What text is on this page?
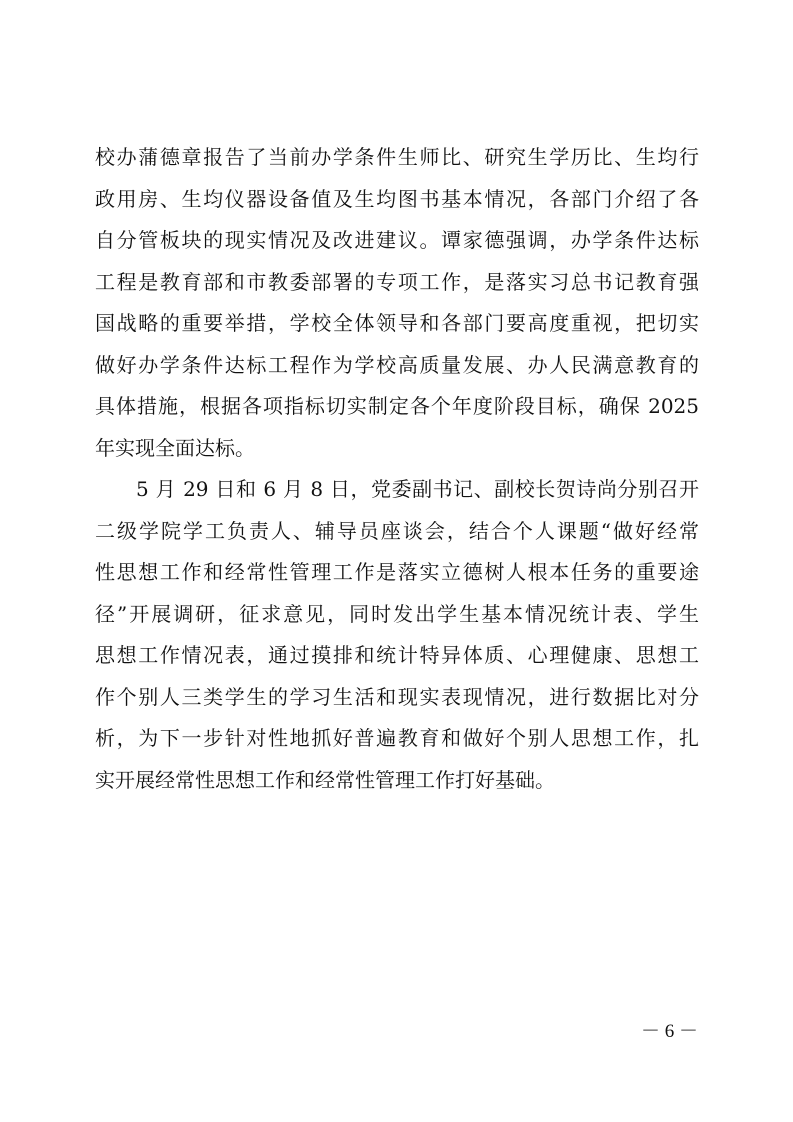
校办蒲德章报告了当前办学条件生师比、研究生学历比、生均行
政用房、生均仪器设备值及生均图书基本情况，各部门介绍了各
自分管板块的现实情况及改进建议。谭家德强调，办学条件达标
工程是教育部和市教委部署的专项工作，是落实习总书记教育强
国战略的重要举措，学校全体领导和各部门要高度重视，把切实
做好办学条件达标工程作为学校高质量发展、办人民满意教育的
具体措施，根据各项指标切实制定各个年度阶段目标，确保 2025
年实现全面达标。
　　5 月 29 日和 6 月 8 日，党委副书记、副校长贺诗尚分别召开
二级学院学工负责人、辅导员座谈会，结合个人课题“做好经常
性思想工作和经常性管理工作是落实立德树人根本任务的重要途
径”开展调研，征求意见，同时发出学生基本情况统计表、学生
思想工作情况表，通过摸排和统计特异体质、心理健康、思想工
作个别人三类学生的学习生活和现实表现情况，进行数据比对分
析，为下一步针对性地抓好普遍教育和做好个别人思想工作，扎
实开展经常性思想工作和经常性管理工作打好基础。
－ 6 －
